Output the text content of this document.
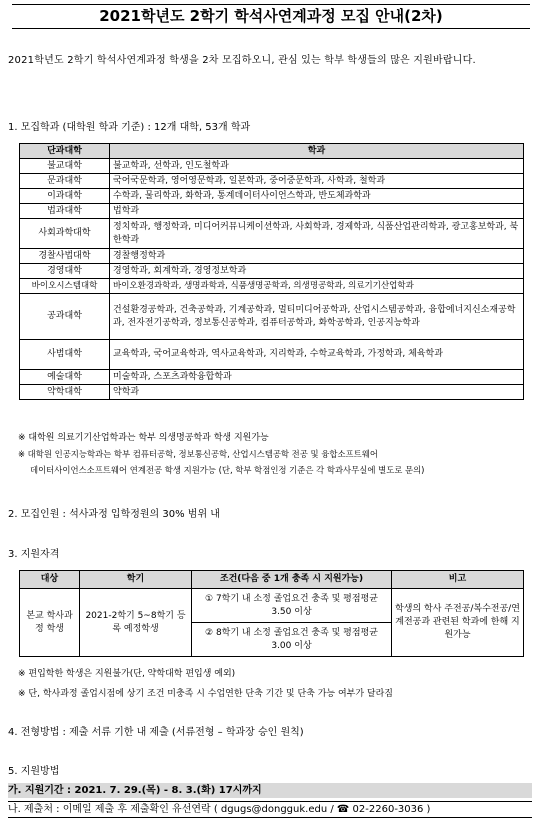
2021학년도 2학기 학석사연계과정 모집 안내(2차)
2021학년도 2학기 학석사연계과정 학생을 2차 모집하오니, 관심 있는 학부 학생들의 많은 지원바랍니다.
1. 모집학과 (대학원 학과 기준) : 12개 대학, 53개 학과
단과대학	학과
불교대학	불교학과, 선학과, 인도철학과
문과대학	국어국문학과, 영어영문학과, 일본학과, 중어중문학과, 사학과, 철학과
이과대학	수학과, 물리학과, 화학과, 통계데이터사이언스학과, 반도체과학과
법과대학	법학과
사회과학대학	정치학과, 행정학과, 미디어커뮤니케이션학과, 사회학과, 경제학과, 식품산업관리학과, 광고홍보학과, 북한학과
경찰사법대학	경찰행정학과
경영대학	경영학과, 회계학과, 경영정보학과
바이오시스템대학	바이오환경과학과, 생명과학과, 식품생명공학과, 의생명공학과, 의료기기산업학과
공과대학	건설환경공학과, 건축공학과, 기계공학과, 멀티미디어공학과, 산업시스템공학과, 융합에너지신소재공학과, 전자전기공학과, 정보통신공학과, 컴퓨터공학과, 화학공학과, 인공지능학과
사범대학	교육학과, 국어교육학과, 역사교육학과, 지리학과, 수학교육학과, 가정학과, 체육학과
예술대학	미술학과, 스포츠과학융합학과
약학대학	약학과
※ 대학원 의료기기산업학과는 학부 의생명공학과 학생 지원가능
※ 대학원 인공지능학과는 학부 컴퓨터공학, 정보통신공학, 산업시스템공학 전공 및 융합소프트웨어
데이터사이언스소프트웨어 연계전공 학생 지원가능 (단, 학부 학점인정 기준은 각 학과사무실에 별도로 문의)
2. 모집인원 : 석사과정 입학정원의 30% 범위 내
3. 지원자격
대상	학기	조건(다음 중 1개 충족 시 지원가능)	비고
본교 학사과정 학생	2021-2학기 5~8학기 등록 예정학생	① 7학기 내 소정 졸업요건 충족 및 평점평균 3.50 이상	학생의 학사 주전공/복수전공/연계전공과 관련된 학과에 한해 지원가능
		② 8학기 내 소정 졸업요건 충족 및 평점평균 3.00 이상	
※ 편입학한 학생은 지원불가(단, 약학대학 편입생 예외)
※ 단, 학사과정 졸업시점에 상기 조건 미충족 시 수업연한 단축 기간 및 단축 가능 여부가 달라짐
4. 전형방법 : 제출 서류 기한 내 제출 (서류전형 – 학과장 승인 원칙)
5. 지원방법
가. 지원기간 : 2021. 7. 29.(목) - 8. 3.(화) 17시까지
나. 제출처 : 이메일 제출 후 제출확인 유선연락 ( dgugs@dongguk.edu / ☎ 02-2260-3036 )
